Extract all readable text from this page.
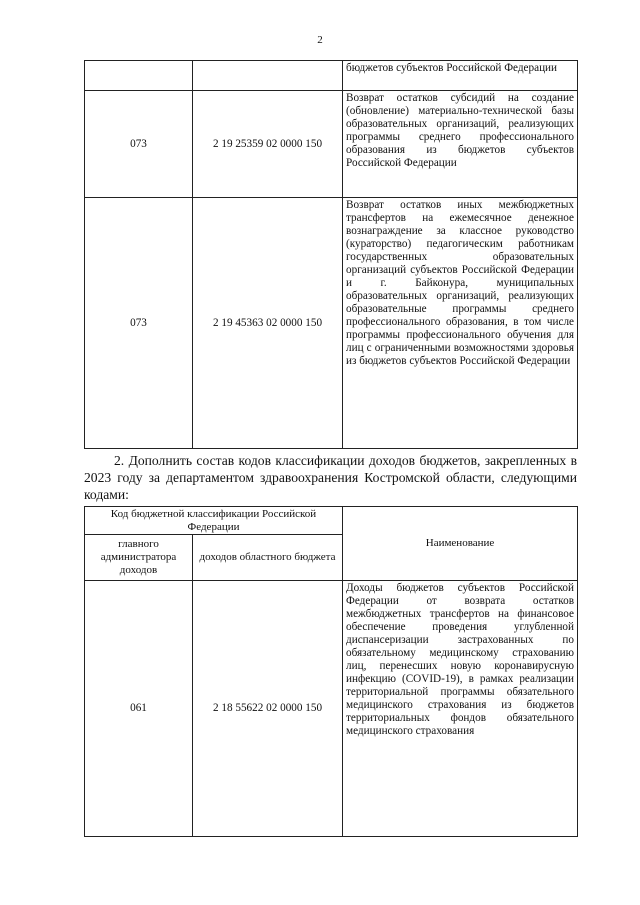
2
		бюджетов субъектов Российской Федерации
073	2 19 25359 02 0000 150	Возврат остатков субсидий на создание (обновление) материально-технической базы образовательных организаций, реализующих программы среднего профессионального образования из бюджетов субъектов Российской Федерации
073	2 19 45363 02 0000 150	Возврат остатков иных межбюджетных трансфертов на ежемесячное денежное вознаграждение за классное руководство (кураторство) педагогическим работникам государственных образовательных организаций субъектов Российской Федерации и г. Байконура, муниципальных образовательных организаций, реализующих образовательные программы среднего профессионального образования, в том числе программы профессионального обучения для лиц с ограниченными возможностями здоровья из бюджетов субъектов Российской Федерации
2. Дополнить состав кодов классификации доходов бюджетов, закрепленных в 2023 году за департаментом здравоохранения Костромской области, следующими кодами:
Код бюджетной классификации Российской Федерации		Наименование
главного администратора доходов	доходов областного бюджета	
061	2 18 55622 02 0000 150	Доходы бюджетов субъектов Российской Федерации от возврата остатков межбюджетных трансфертов на финансовое обеспечение проведения углубленной диспансеризации застрахованных по обязательному медицинскому страхованию лиц, перенесших новую коронавирусную инфекцию (COVID-19), в рамках реализации территориальной программы обязательного медицинского страхования из бюджетов территориальных фондов обязательного медицинского страхования
